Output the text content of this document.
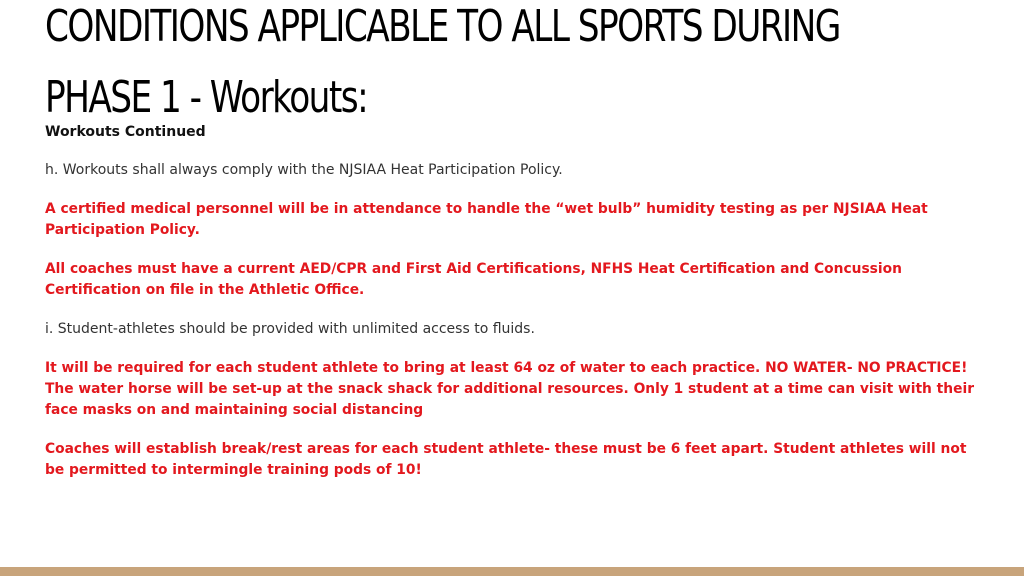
CONDITIONS APPLICABLE TO ALL SPORTS DURING
PHASE 1 - Workouts:
Workouts Continued

h. Workouts shall always comply with the NJSIAA Heat Participation Policy.

A certified medical personnel will be in attendance to handle the “wet bulb” humidity testing as per NJSIAA Heat Participation Policy.

All coaches must have a current AED/CPR and First Aid Certifications, NFHS Heat Certification and Concussion Certification on file in the Athletic Office.

i. Student-athletes should be provided with unlimited access to fluids.

It will be required for each student athlete to bring at least 64 oz of water to each practice. NO WATER- NO PRACTICE! The water horse will be set-up at the snack shack for additional resources. Only 1 student at a time can visit with their face masks on and maintaining social distancing

Coaches will establish break/rest areas for each student athlete- these must be 6 feet apart. Student athletes will not be permitted to intermingle training pods of 10!
